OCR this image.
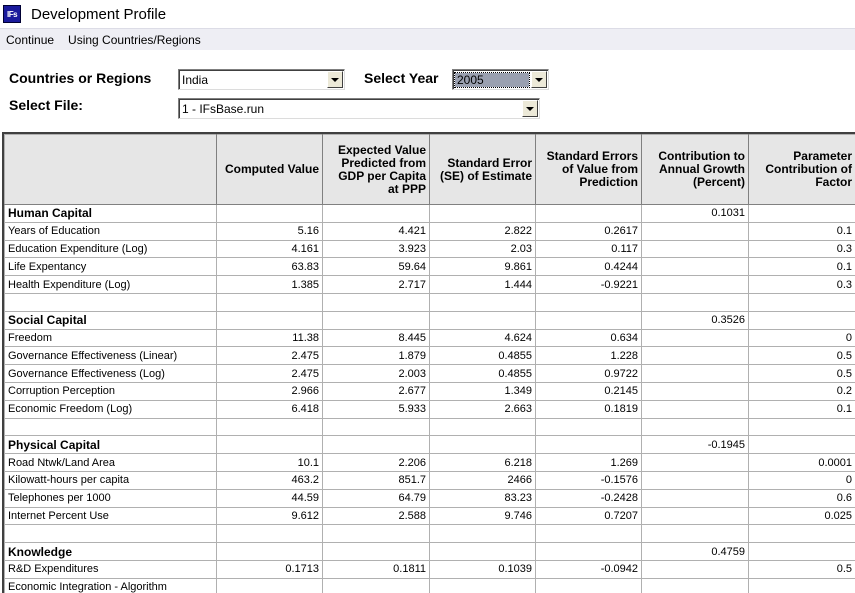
IFs Development Profile
Continue	Using Countries/Regions
Countries or Regions	India	Select Year 2005
Select File:	1 - IFsBase.run
	Computed Value	Expected Value Predicted from GDP per Capita at PPP	Standard Error (SE) of Estimate	Standard Errors of Value from Prediction	Contribution to Annual Growth (Percent)	Parameter Contribution of Factor
Human Capital					0.1031	
Years of Education	5.16	4.421	2.822	0.2617		0.1
Education Expenditure (Log)	4.161	3.923	2.03	0.117		0.3
Life Expentancy	63.83	59.64	9.861	0.4244		0.1
Health Expenditure (Log)	1.385	2.717	1.444	-0.9221		0.3

Social Capital					0.3526	
Freedom	11.38	8.445	4.624	0.634		0
Governance Effectiveness (Linear)	2.475	1.879	0.4855	1.228		0.5
Governance Effectiveness (Log)	2.475	2.003	0.4855	0.9722		0.5
Corruption Perception	2.966	2.677	1.349	0.2145		0.2
Economic Freedom (Log)	6.418	5.933	2.663	0.1819		0.1

Physical Capital					-0.1945	
Road Ntwk/Land Area	10.1	2.206	6.218	1.269		0.0001
Kilowatt-hours per capita	463.2	851.7	2466	-0.1576		0
Telephones per 1000	44.59	64.79	83.23	-0.2428		0.6
Internet Percent Use	9.612	2.588	9.746	0.7207		0.025

Knowledge					0.4759	
R&D Expenditures	0.1713	0.1811	0.1039	-0.0942		0.5
Economic Integration - Algorithm						
